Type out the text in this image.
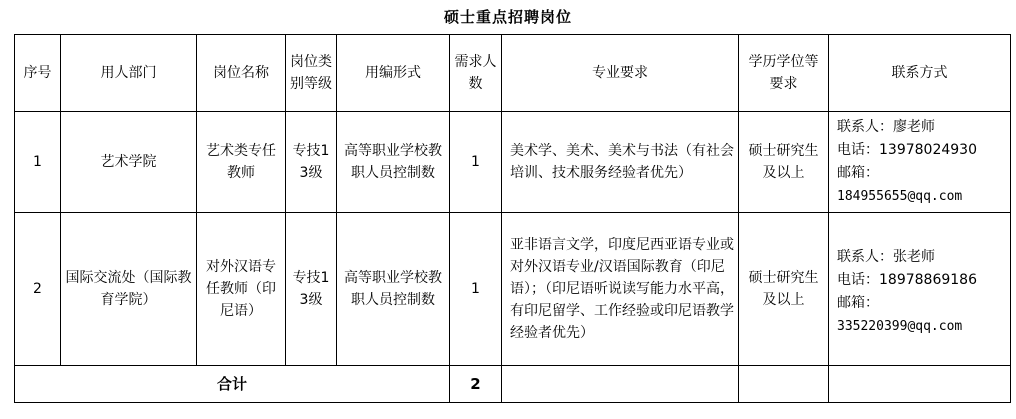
硕士重点招聘岗位
序号	用人部门	岗位名称	岗位类别等级	用编形式	需求人数	专业要求	学历学位等要求	联系方式
1	艺术学院	艺术类专任教师	专技13级	高等职业学校教职人员控制数	1	美术学、美术、美术与书法（有社会培训、技术服务经验者优先）	硕士研究生及以上	联系人：廖老师
电话：13978024930
邮箱：
184955655@qq.com

2	国际交流处（国际教育学院）	对外汉语专任教师（印尼语）	专技13级	高等职业学校教职人员控制数	1	亚非语言文学，印度尼西亚语专业或对外汉语专业/汉语国际教育（印尼语）；（印尼语听说读写能力水平高，有印尼留学、工作经验或印尼语教学经验者优先）	硕士研究生及以上	联系人：张老师
电话：18978869186
邮箱：
335220399@qq.com

合计					2			
